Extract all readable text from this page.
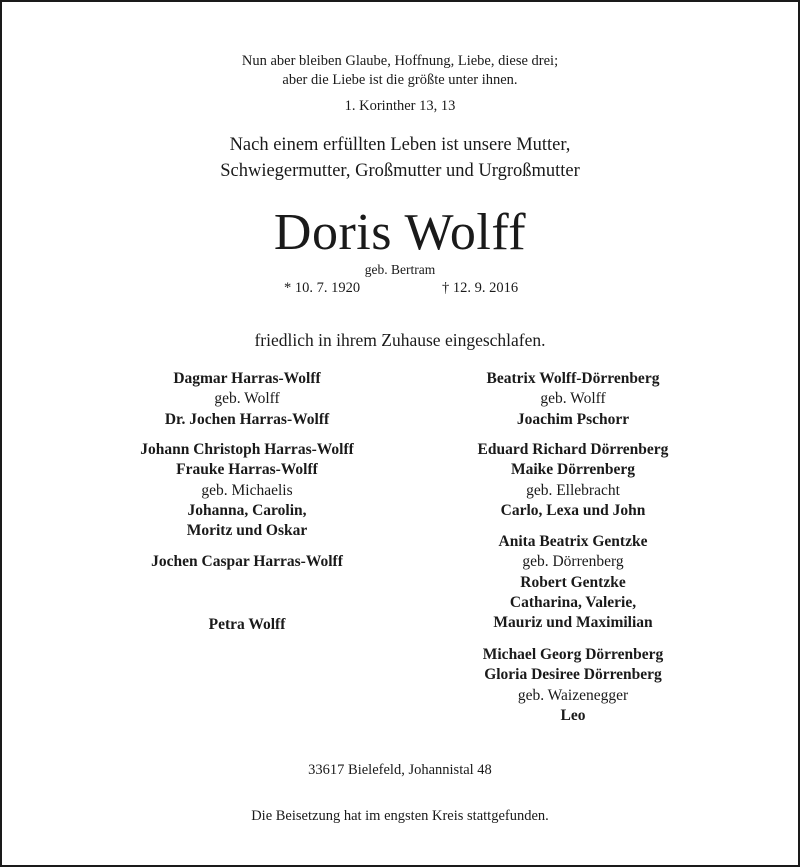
Nun aber bleiben Glaube, Hoffnung, Liebe, diese drei;
aber die Liebe ist die größte unter ihnen.
1. Korinther 13, 13
Nach einem erfüllten Leben ist unsere Mutter,
Schwiegermutter, Großmutter und Urgroßmutter
Doris Wolff
geb. Bertram
* 10. 7. 1920	† 12. 9. 2016
friedlich in ihrem Zuhause eingeschlafen.
Dagmar Harras-Wolff
geb. Wolff
Dr. Jochen Harras-Wolff
Johann Christoph Harras-Wolff
Frauke Harras-Wolff
geb. Michaelis
Johanna, Carolin,
Moritz und Oskar
Jochen Caspar Harras-Wolff
Petra Wolff
Beatrix Wolff-Dörrenberg
geb. Wolff
Joachim Pschorr
Eduard Richard Dörrenberg
Maike Dörrenberg
geb. Ellebracht
Carlo, Lexa und John
Anita Beatrix Gentzke
geb. Dörrenberg
Robert Gentzke
Catharina, Valerie,
Mauriz und Maximilian
Michael Georg Dörrenberg
Gloria Desiree Dörrenberg
geb. Waizenegger
Leo
33617 Bielefeld, Johannistal 48
Die Beisetzung hat im engsten Kreis stattgefunden.
